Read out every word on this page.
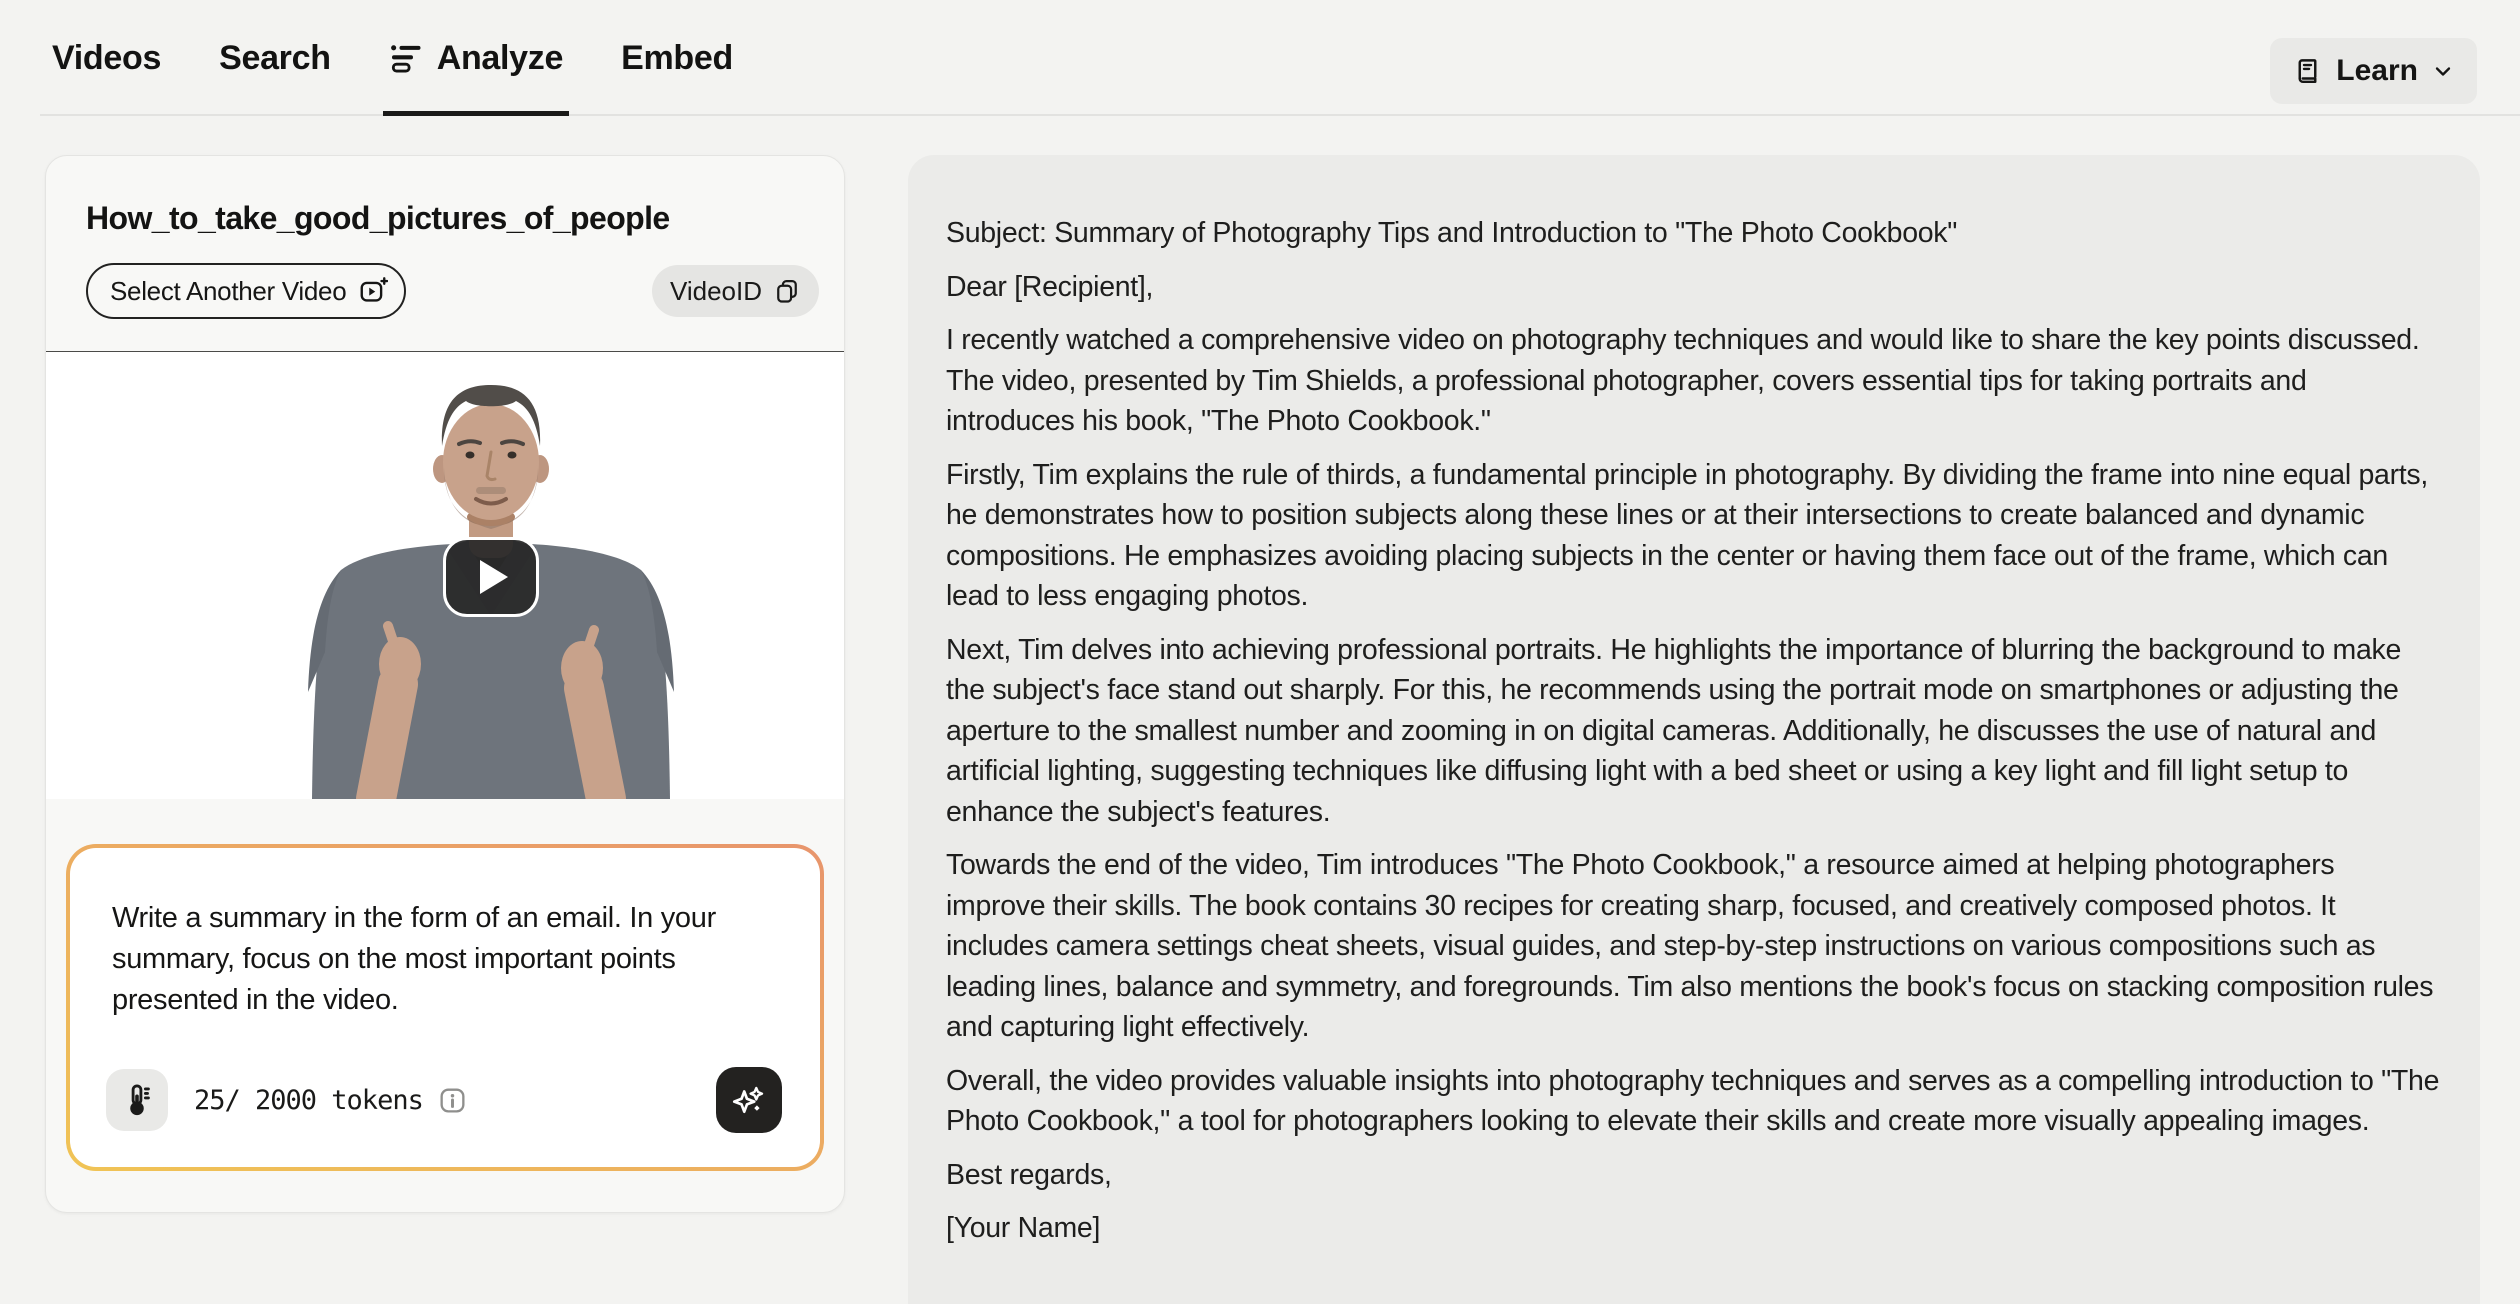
Videos Search	Analyze Embed	Learn
How_to_take_good_pictures_of_people
Select Another Video	VideoID
Write a summary in the form of an email. In your summary, focus on the most important points presented in the video.
25/ 2000 tokens

Subject: Summary of Photography Tips and Introduction to "The Photo Cookbook"

Dear [Recipient],

I recently watched a comprehensive video on photography techniques and would like to share the key points discussed. The video, presented by Tim Shields, a professional photographer, covers essential tips for taking portraits and introduces his book, "The Photo Cookbook."

Firstly, Tim explains the rule of thirds, a fundamental principle in photography. By dividing the frame into nine equal parts, he demonstrates how to position subjects along these lines or at their intersections to create balanced and dynamic compositions. He emphasizes avoiding placing subjects in the center or having them face out of the frame, which can lead to less engaging photos.

Next, Tim delves into achieving professional portraits. He highlights the importance of blurring the background to make the subject's face stand out sharply. For this, he recommends using the portrait mode on smartphones or adjusting the aperture to the smallest number and zooming in on digital cameras. Additionally, he discusses the use of natural and artificial lighting, suggesting techniques like diffusing light with a bed sheet or using a key light and fill light setup to enhance the subject's features.

Towards the end of the video, Tim introduces "The Photo Cookbook," a resource aimed at helping photographers improve their skills. The book contains 30 recipes for creating sharp, focused, and creatively composed photos. It includes camera settings cheat sheets, visual guides, and step-by-step instructions on various compositions such as leading lines, balance and symmetry, and foregrounds. Tim also mentions the book's focus on stacking composition rules and capturing light effectively.

Overall, the video provides valuable insights into photography techniques and serves as a compelling introduction to "The Photo Cookbook," a tool for photographers looking to elevate their skills and create more visually appealing images.

Best regards,

[Your Name]
